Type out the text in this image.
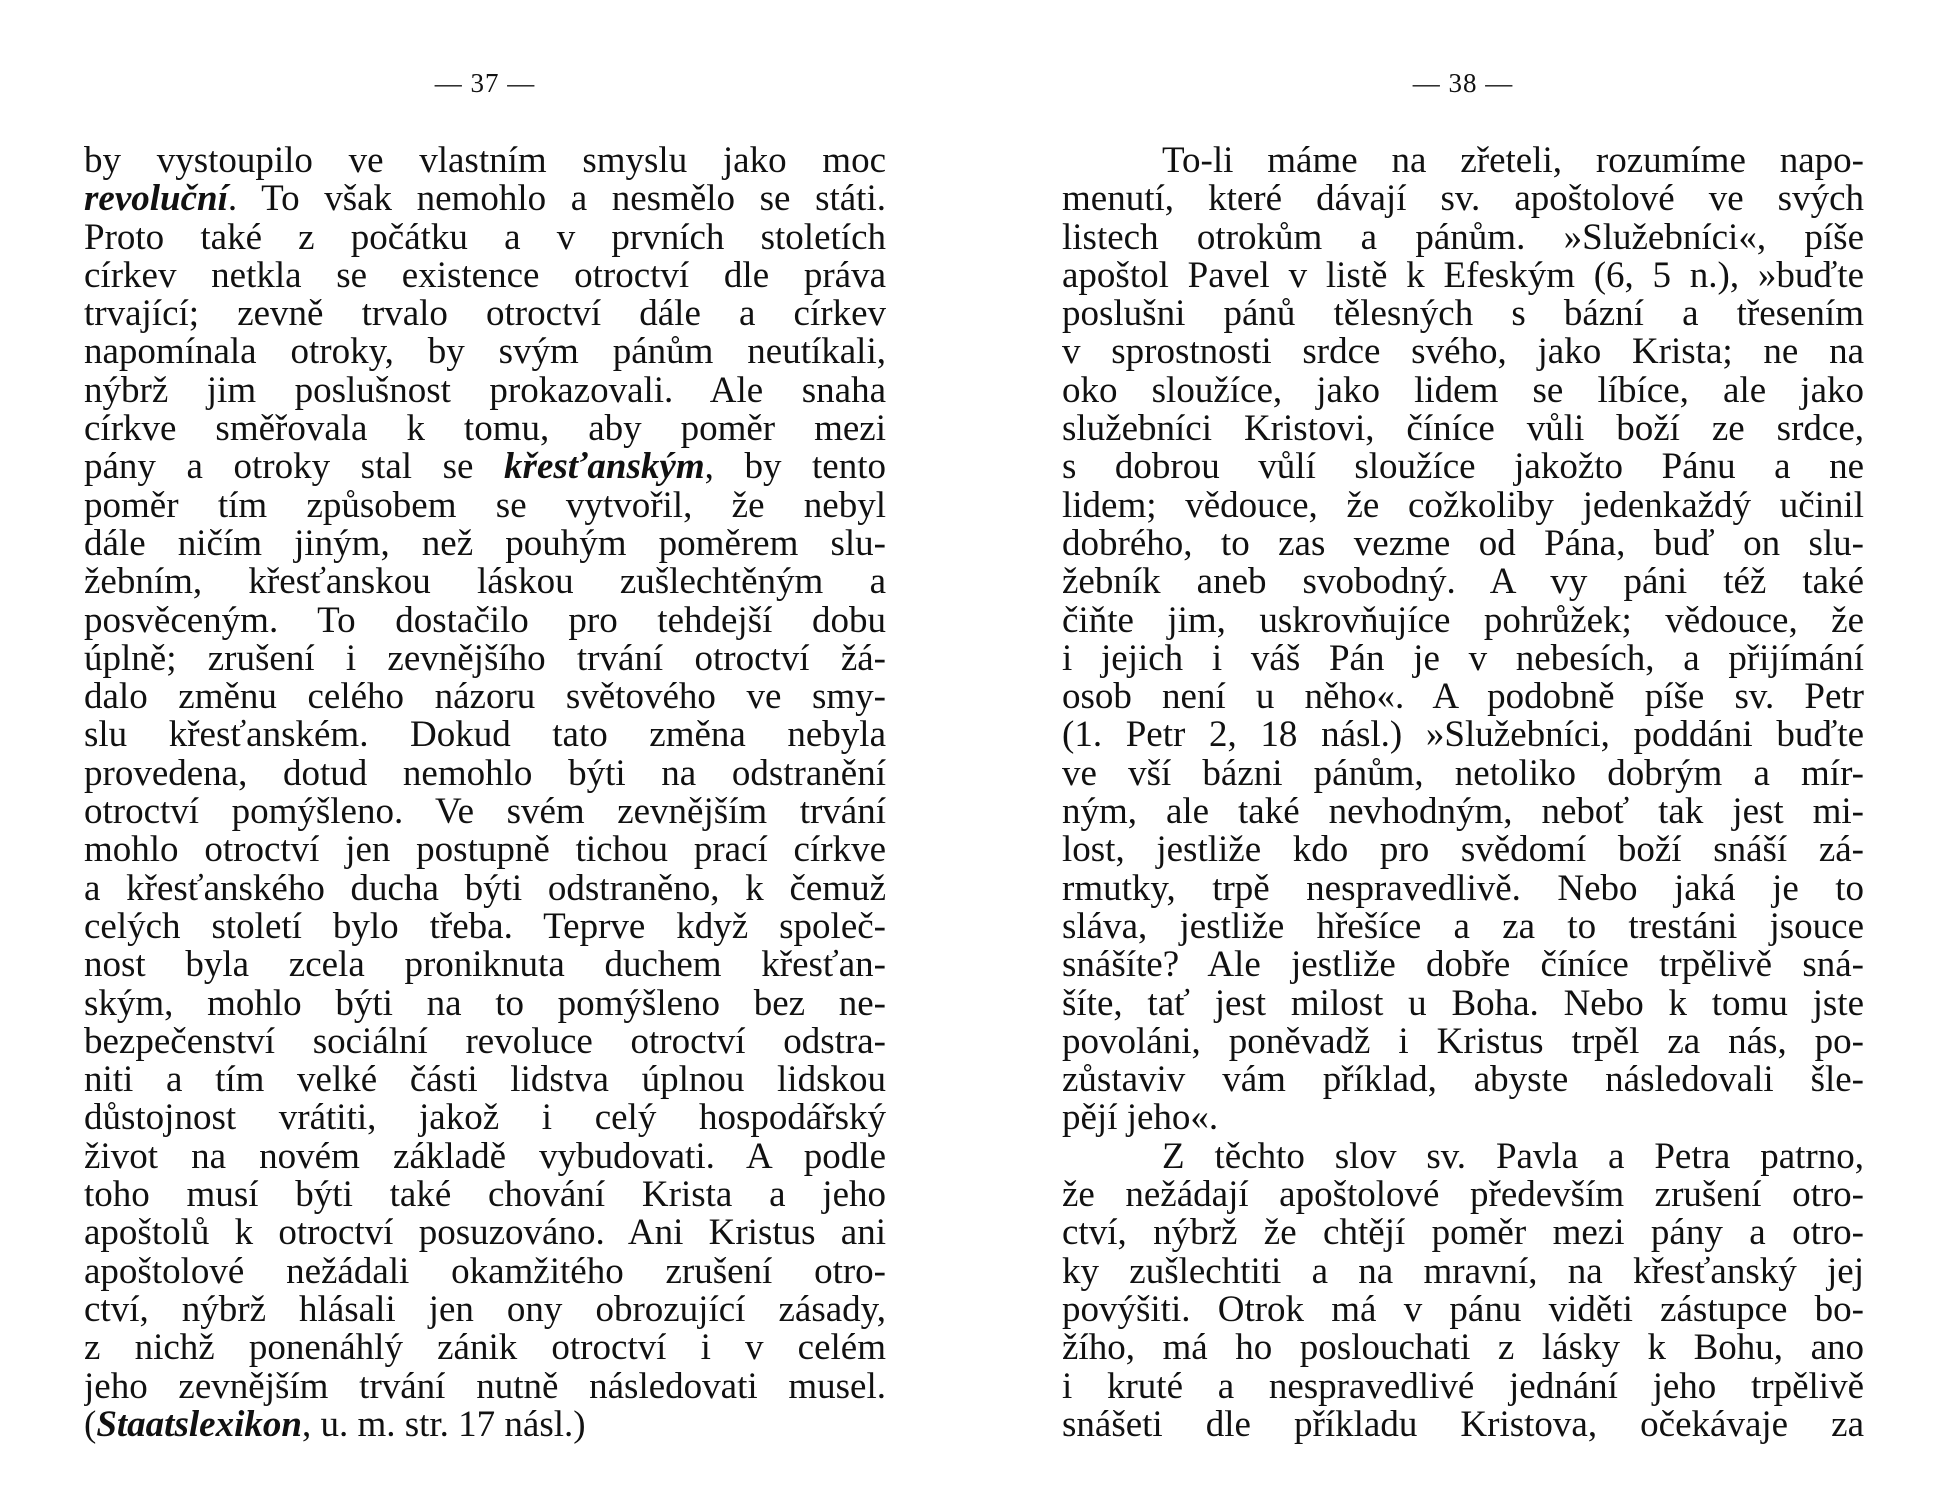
— 37 —
by vystoupilo ve vlastním smyslu jako moc
revoluční. To však nemohlo a nesmělo se státi.
Proto také z počátku a v prvních stoletích
církev netkla se existence otroctví dle práva
trvající; zevně trvalo otroctví dále a církev
napomínala otroky, by svým pánům neutíkali,
nýbrž jim poslušnost prokazovali. Ale snaha
církve směřovala k tomu, aby poměr mezi
pány a otroky stal se křesťanským, by tento
poměr tím způsobem se vytvořil, že nebyl
dále ničím jiným, než pouhým poměrem slu-
žebním, křesťanskou láskou zušlechtěným a
posvěceným. To dostačilo pro tehdejší dobu
úplně; zrušení i zevnějšího trvání otroctví žá-
dalo změnu celého názoru světového ve smy-
slu křesťanském. Dokud tato změna nebyla
provedena, dotud nemohlo býti na odstranění
otroctví pomýšleno. Ve svém zevnějším trvání
mohlo otroctví jen postupně tichou prací církve
a křesťanského ducha býti odstraněno, k čemuž
celých století bylo třeba. Teprve když společ-
nost byla zcela proniknuta duchem křesťan-
ským, mohlo býti na to pomýšleno bez ne-
bezpečenství sociální revoluce otroctví odstra-
niti a tím velké části lidstva úplnou lidskou
důstojnost vrátiti, jakož i celý hospodářský
život na novém základě vybudovati. A podle
toho musí býti také chování Krista a jeho
apoštolů k otroctví posuzováno. Ani Kristus ani
apoštolové nežádali okamžitého zrušení otro-
ctví, nýbrž hlásali jen ony obrozující zásady,
z nichž ponenáhlý zánik otroctví i v celém
jeho zevnějším trvání nutně následovati musel.
(Staatslexikon, u. m. str. 17 násl.)
— 38 —
To-li máme na zřeteli, rozumíme napo-
menutí, které dávají sv. apoštolové ve svých
listech otrokům a pánům. »Služebníci«, píše
apoštol Pavel v listě k Efeským (6, 5 n.), »buďte
poslušni pánů tělesných s bázní a třesením
v sprostnosti srdce svého, jako Krista; ne na
oko sloužíce, jako lidem se líbíce, ale jako
služebníci Kristovi, číníce vůli boží ze srdce,
s dobrou vůlí sloužíce jakožto Pánu a ne
lidem; vědouce, že cožkoliby jedenkaždý učinil
dobrého, to zas vezme od Pána, buď on slu-
žebník aneb svobodný. A vy páni též také
čiňte jim, uskrovňujíce pohrůžek; vědouce, že
i jejich i váš Pán je v nebesích, a přijímání
osob není u něho«. A podobně píše sv. Petr
(1. Petr 2, 18 násl.) »Služebníci, poddáni buďte
ve vší bázni pánům, netoliko dobrým a mír-
ným, ale také nevhodným, neboť tak jest mi-
lost, jestliže kdo pro svědomí boží snáší zá-
rmutky, trpě nespravedlivě. Nebo jaká je to
sláva, jestliže hřešíce a za to trestáni jsouce
snášíte? Ale jestliže dobře číníce trpělivě sná-
šíte, tať jest milost u Boha. Nebo k tomu jste
povoláni, poněvadž i Kristus trpěl za nás, po-
zůstaviv vám příklad, abyste následovali šle-
pějí jeho«.
Z těchto slov sv. Pavla a Petra patrno,
že nežádají apoštolové především zrušení otro-
ctví, nýbrž že chtějí poměr mezi pány a otro-
ky zušlechtiti a na mravní, na křesťanský jej
povýšiti. Otrok má v pánu viděti zástupce bo-
žího, má ho poslouchati z lásky k Bohu, ano
i kruté a nespravedlivé jednání jeho trpělivě
snášeti dle příkladu Kristova, očekávaje za
